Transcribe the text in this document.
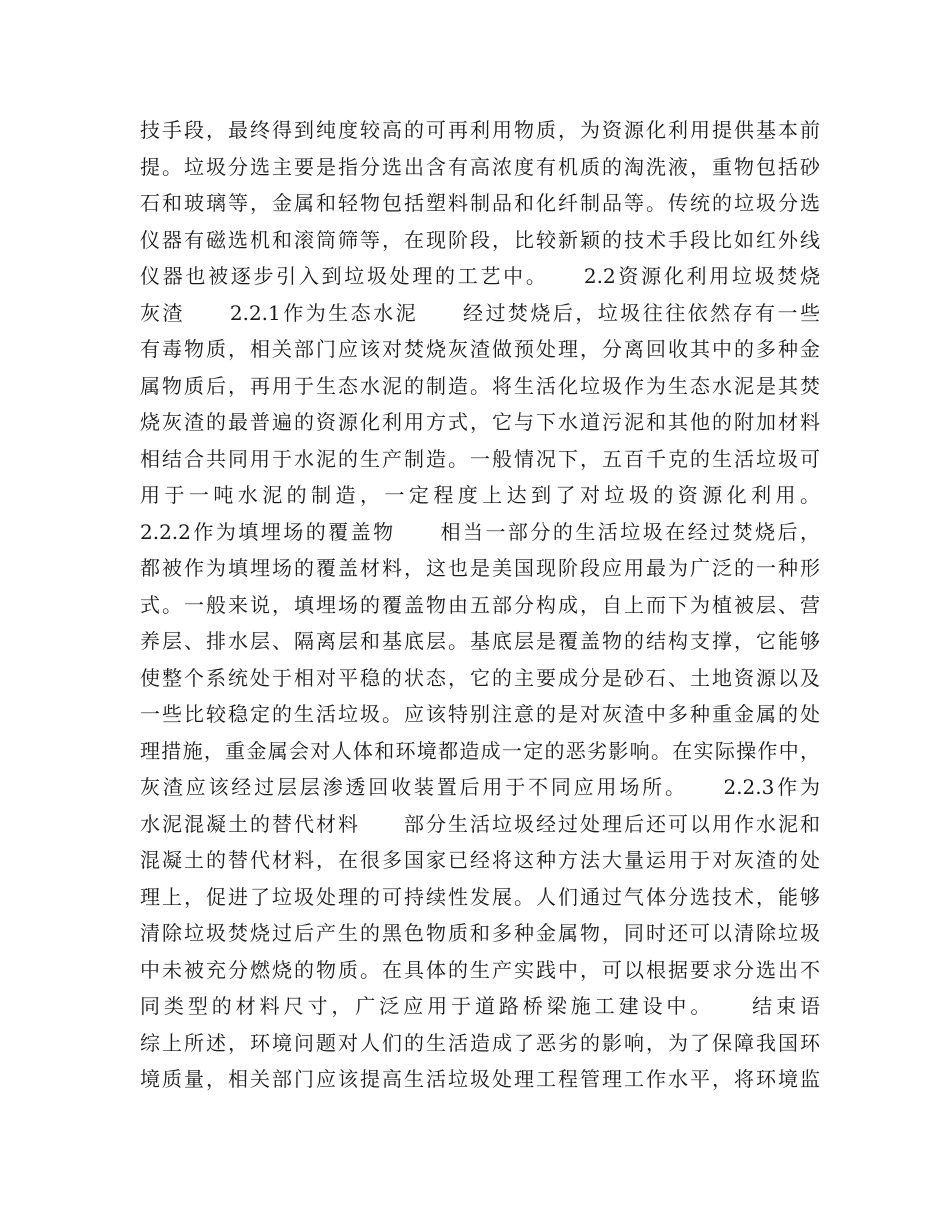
技手段，最终得到纯度较高的可再利用物质，为资源化利用提供基本前
提。垃圾分选主要是指分选出含有高浓度有机质的淘洗液，重物包括砂
石和玻璃等，金属和轻物包括塑料制品和化纤制品等。传统的垃圾分选
仪器有磁选机和滚筒筛等，在现阶段，比较新颖的技术手段比如红外线
仪器也被逐步引入到垃圾处理的工艺中。　　2.2资源化利用垃圾焚烧
灰渣　　2.2.1作为生态水泥　　经过焚烧后，垃圾往往依然存有一些
有毒物质，相关部门应该对焚烧灰渣做预处理，分离回收其中的多种金
属物质后，再用于生态水泥的制造。将生活化垃圾作为生态水泥是其焚
烧灰渣的最普遍的资源化利用方式，它与下水道污泥和其他的附加材料
相结合共同用于水泥的生产制造。一般情况下，五百千克的生活垃圾可
用于一吨水泥的制造，一定程度上达到了对垃圾的资源化利用。
2.2.2作为填埋场的覆盖物　　相当一部分的生活垃圾在经过焚烧后，
都被作为填埋场的覆盖材料，这也是美国现阶段应用最为广泛的一种形
式。一般来说，填埋场的覆盖物由五部分构成，自上而下为植被层、营
养层、排水层、隔离层和基底层。基底层是覆盖物的结构支撑，它能够
使整个系统处于相对平稳的状态，它的主要成分是砂石、土地资源以及
一些比较稳定的生活垃圾。应该特别注意的是对灰渣中多种重金属的处
理措施，重金属会对人体和环境都造成一定的恶劣影响。在实际操作中，
灰渣应该经过层层渗透回收装置后用于不同应用场所。　　2.2.3作为
水泥混凝土的替代材料　　部分生活垃圾经过处理后还可以用作水泥和
混凝土的替代材料，在很多国家已经将这种方法大量运用于对灰渣的处
理上，促进了垃圾处理的可持续性发展。人们通过气体分选技术，能够
清除垃圾焚烧过后产生的黑色物质和多种金属物，同时还可以清除垃圾
中未被充分燃烧的物质。在具体的生产实践中，可以根据要求分选出不
同类型的材料尺寸，广泛应用于道路桥梁施工建设中。　　结束语
综上所述，环境问题对人们的生活造成了恶劣的影响，为了保障我国环
境质量，相关部门应该提高生活垃圾处理工程管理工作水平，将环境监
